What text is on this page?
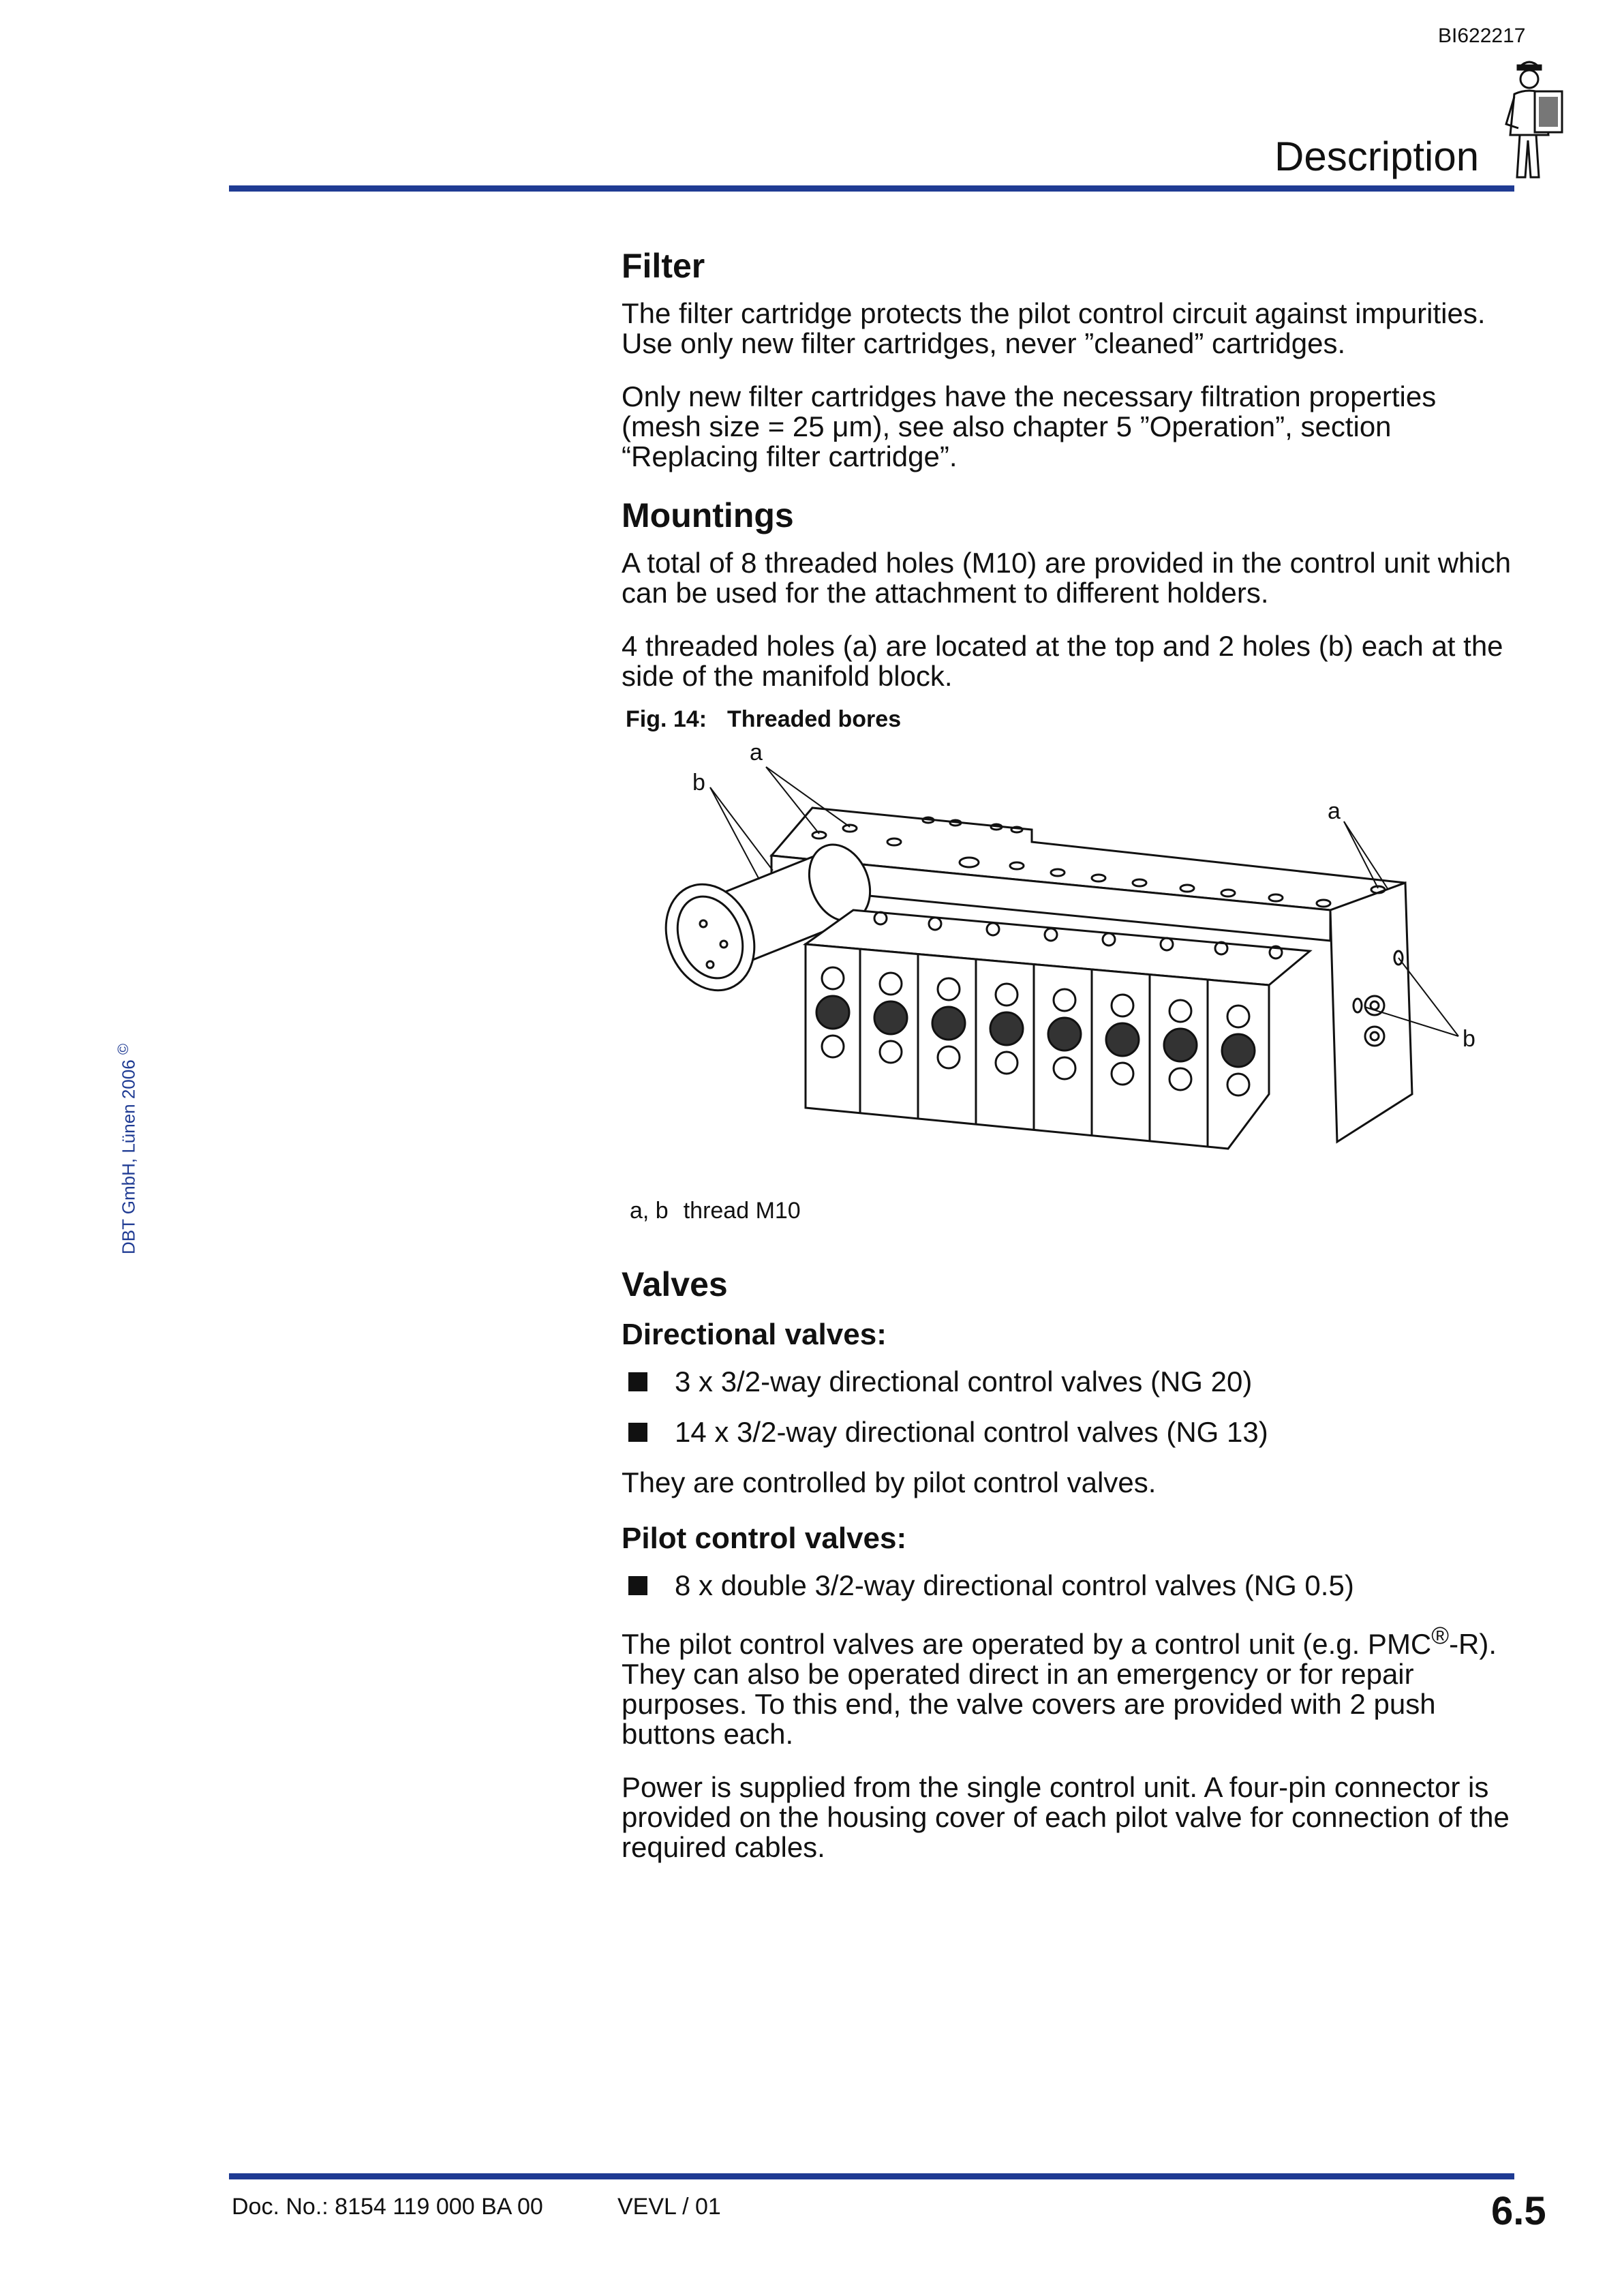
BI622217
Description
DBT GmbH, Lünen 2006 ©
Filter

The filter cartridge protects the pilot control circuit against impurities. Use only new filter cartridges, never ”cleaned” cartridges.

Only new filter cartridges have the necessary filtration properties (mesh size = 25 μm), see also chapter 5 ”Operation”, section “Replacing filter cartridge”.

Mountings

A total of 8 threaded holes (M10) are provided in the control unit which can be used for the attachment to different holders.

4 threaded holes (a) are located at the top and 2 holes (b) each at the side of the manifold block.

Fig. 14: Threaded bores
a
b
a
b
a, b thread M10
Valves
Directional valves:
3 x 3/2-way directional control valves (NG 20)
14 x 3/2-way directional control valves (NG 13)

They are controlled by pilot control valves.

Pilot control valves:
8 x double 3/2-way directional control valves (NG 0.5)

The pilot control valves are operated by a control unit (e.g. PMC®-R). They can also be operated direct in an emergency or for repair purposes. To this end, the valve covers are provided with 2 push buttons each.

Power is supplied from the single control unit. A four-pin connector is provided on the housing cover of each pilot valve for connection of the required cables.

Doc. No.: 8154 119 000 BA 00	VEVL / 01	6.5
